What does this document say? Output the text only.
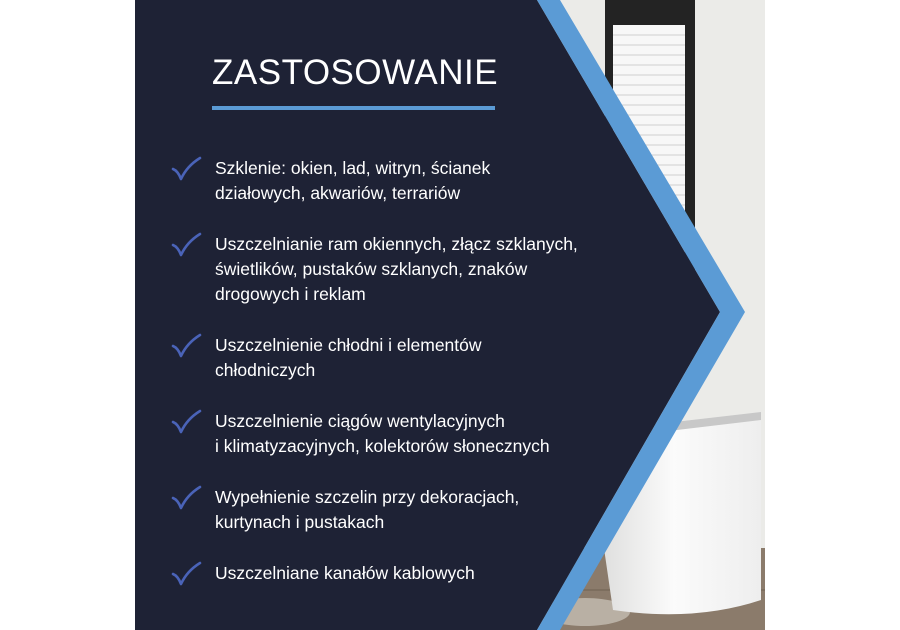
ZASTOSOWANIE
Szklenie: okien, lad, witryn, ścianek
działowych, akwariów, terrariów
Uszczelnianie ram okiennych, złącz szklanych,
świetlików, pustaków szklanych, znaków
drogowych i reklam
Uszczelnienie chłodni i elementów
chłodniczych
Uszczelnienie ciągów wentylacyjnych
i klimatyzacyjnych, kolektorów słonecznych
Wypełnienie szczelin przy dekoracjach,
kurtynach i pustakach
Uszczelniane kanałów kablowych
